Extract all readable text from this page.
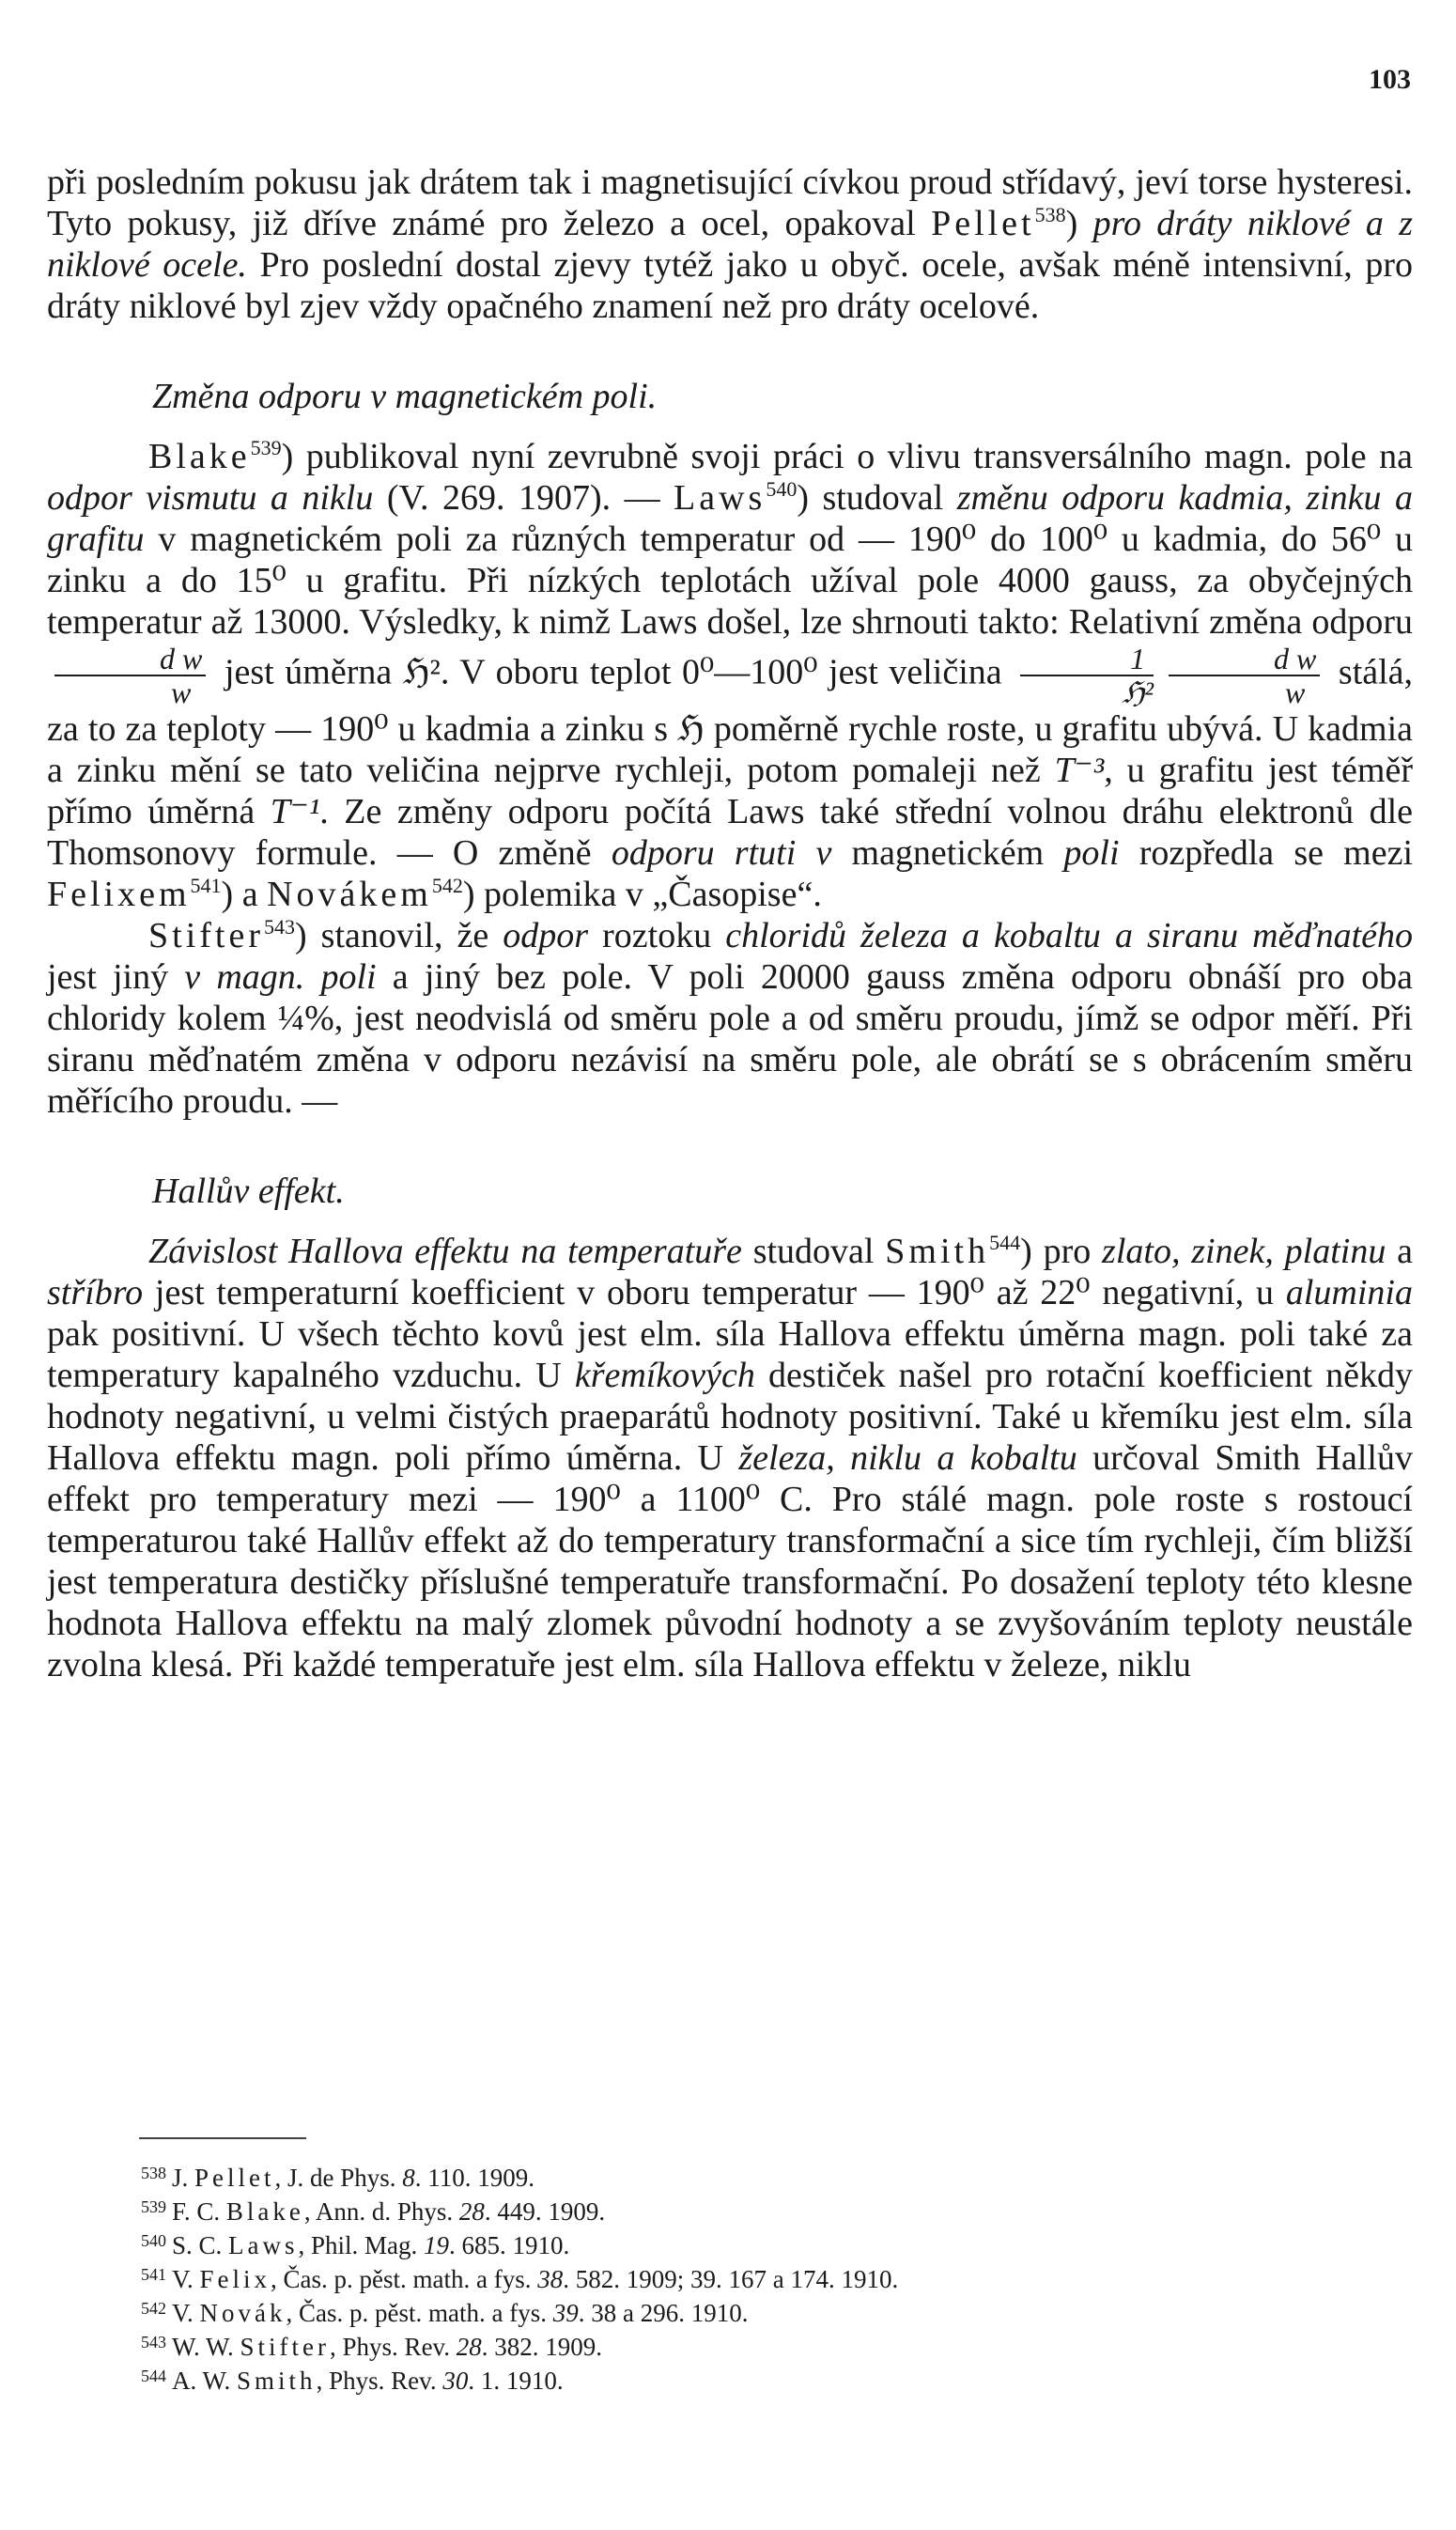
103

při posledním pokusu jak drátem tak i magnetisující cívkou proud střídavý, jeví torse hysteresi. Tyto pokusy, již dříve známé pro železo a ocel, opakoval Pellet$^{538}$) pro dráty niklové a z niklové ocele. Pro poslední dostal zjevy tytéž jako u obyč. ocele, avšak méně intensivní, pro dráty niklové byl zjev vždy opačného znamení než pro dráty ocelové.

Změna odporu v magnetickém poli.

Blake$^{539}$) publikoval nyní zevrubně svoji práci o vlivu transversálního magn. pole na odpor vismutu a niklu (V. 269. 1907). — Laws$^{540}$) studoval změnu odporu kadmia, zinku a grafitu v magnetickém poli za různých temperatur od — 190⁰ do 100⁰ u kadmia, do 56⁰ u zinku a do 15⁰ u grafitu. Při nízkých teplotách užíval pole 4000 gauss, za obyčejných temperatur až 13000. Výsledky, k nimž Laws došel, lze shrnouti takto: Relativní změna odporu
$\frac{\text{d w}}{w}$ jest úměrna ℌ². V oboru teplot 0⁰—100⁰ jest veličina $\frac{1}{\text{ℌ²}} \frac{\text{d w}}{w}$ stálá, za to za teploty — 190⁰ u kadmia a zinku s ℌ poměrně rychle roste, u grafitu ubývá. U kadmia a zinku mění se tato veličina nejprve rychleji, potom pomaleji než T⁻³, u grafitu jest téměř přímo úměrná T⁻¹. Ze změny odporu počítá Laws také střední volnou dráhu elektronů dle Thomsonovy formule. — O změně odporu rtuti v magnetickém poli rozpředla se mezi Felixem$^{541}$) a Novákem$^{542}$) polemika v „Časopise“.

Stifter$^{543}$) stanovil, že odpor roztoku chloridů železa a kobaltu a siranu měďnatého jest jiný v magn. poli a jiný bez pole. V poli 20000 gauss změna odporu obnáší pro oba chloridy kolem ¼%, jest neodvislá od směru pole a od směru proudu, jímž se odpor měří. Při siranu měďnatém změna v odporu nezávisí na směru pole, ale obrátí se s obrácením směru měřícího proudu. —

Hallův effekt.

Závislost Hallova effektu na temperatuře studoval Smith$^{544}$) pro zlato, zinek, platinu a stříbro jest temperaturní koefficient v oboru temperatur — 190⁰ až 22⁰ negativní, u aluminia pak positivní. U všech těchto kovů jest elm. síla Hallova effektu úměrna magn. poli také za temperatury kapalného vzduchu. U křemíkových destiček našel pro rotační koefficient někdy hodnoty negativní, u velmi čistých praeparátů hodnoty positivní. Také u křemíku jest elm. síla Hallova effektu magn. poli přímo úměrna. U železa, niklu a kobaltu určoval Smith Hallův effekt pro temperatury mezi — 190⁰ a 1100⁰ C. Pro stálé magn. pole roste s rostoucí temperaturou také Hallův effekt až do temperatury transformační a sice tím rychleji, čím bližší jest temperatura destičky příslušné temperatuře transformační. Po dosažení teploty této klesne hodnota Hallova effektu na malý zlomek původní hodnoty a se zvyšováním teploty neustále zvolna klesá. Při každé temperatuře jest elm. síla Hallova effektu v železe, niklu

$^{538}$ J. Pellet, J. de Phys. 8. 110. 1909.

$^{539}$ F. C. Blake, Ann. d. Phys. 28. 449. 1909.

$^{540}$ S. C. Laws, Phil. Mag. 19. 685. 1910.

$^{541}$ V. Felix, Čas. p. pěst. math. a fys. 38. 582. 1909; 39. 167 a 174. 1910.

$^{542}$ V. Novák, Čas. p. pěst. math. a fys. 39. 38 a 296. 1910.

$^{543}$ W. W. Stifter, Phys. Rev. 28. 382. 1909.

$^{544}$ A. W. Smith, Phys. Rev. 30. 1. 1910.
